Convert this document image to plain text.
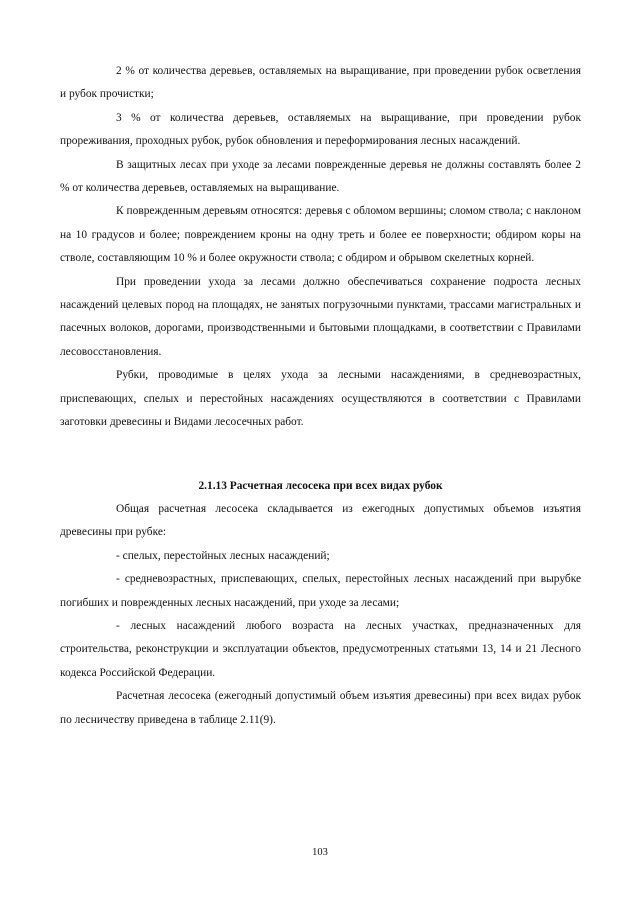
2 % от количества деревьев, оставляемых на выращивание, при проведении рубок осветления и рубок прочистки;

3 % от количества деревьев, оставляемых на выращивание, при проведении рубок прореживания, проходных рубок, рубок обновления и переформирования лесных насаждений.

В защитных лесах при уходе за лесами поврежденные деревья не должны составлять более 2 % от количества деревьев, оставляемых на выращивание.

К поврежденным деревьям относятся: деревья с обломом вершины; сломом ствола; с наклоном на 10 градусов и более; повреждением кроны на одну треть и более ее поверхности; обдиром коры на стволе, составляющим 10 % и более окружности ствола; с обдиром и обрывом скелетных корней.

При проведении ухода за лесами должно обеспечиваться сохранение подроста лесных насаждений целевых пород на площадях, не занятых погрузочными пунктами, трассами магистральных и пасечных волоков, дорогами, производственными и бытовыми площадками, в соответствии с Правилами лесовосстановления.

Рубки, проводимые в целях ухода за лесными насаждениями, в средневозрастных, приспевающих, спелых и перестойных насаждениях осуществляются в соответствии с Правилами заготовки древесины и Видами лесосечных работ.

2.1.13 Расчетная лесосека при всех видах рубок

Общая расчетная лесосека складывается из ежегодных допустимых объемов изъятия древесины при рубке:

- спелых, перестойных лесных насаждений;

- средневозрастных, приспевающих, спелых, перестойных лесных насаждений при вырубке погибших и поврежденных лесных насаждений, при уходе за лесами;

- лесных насаждений любого возраста на лесных участках, предназначенных для строительства, реконструкции и эксплуатации объектов, предусмотренных статьями 13, 14 и 21 Лесного кодекса Российской Федерации.

Расчетная лесосека (ежегодный допустимый объем изъятия древесины) при всех видах рубок по лесничеству приведена в таблице 2.11(9).

103
